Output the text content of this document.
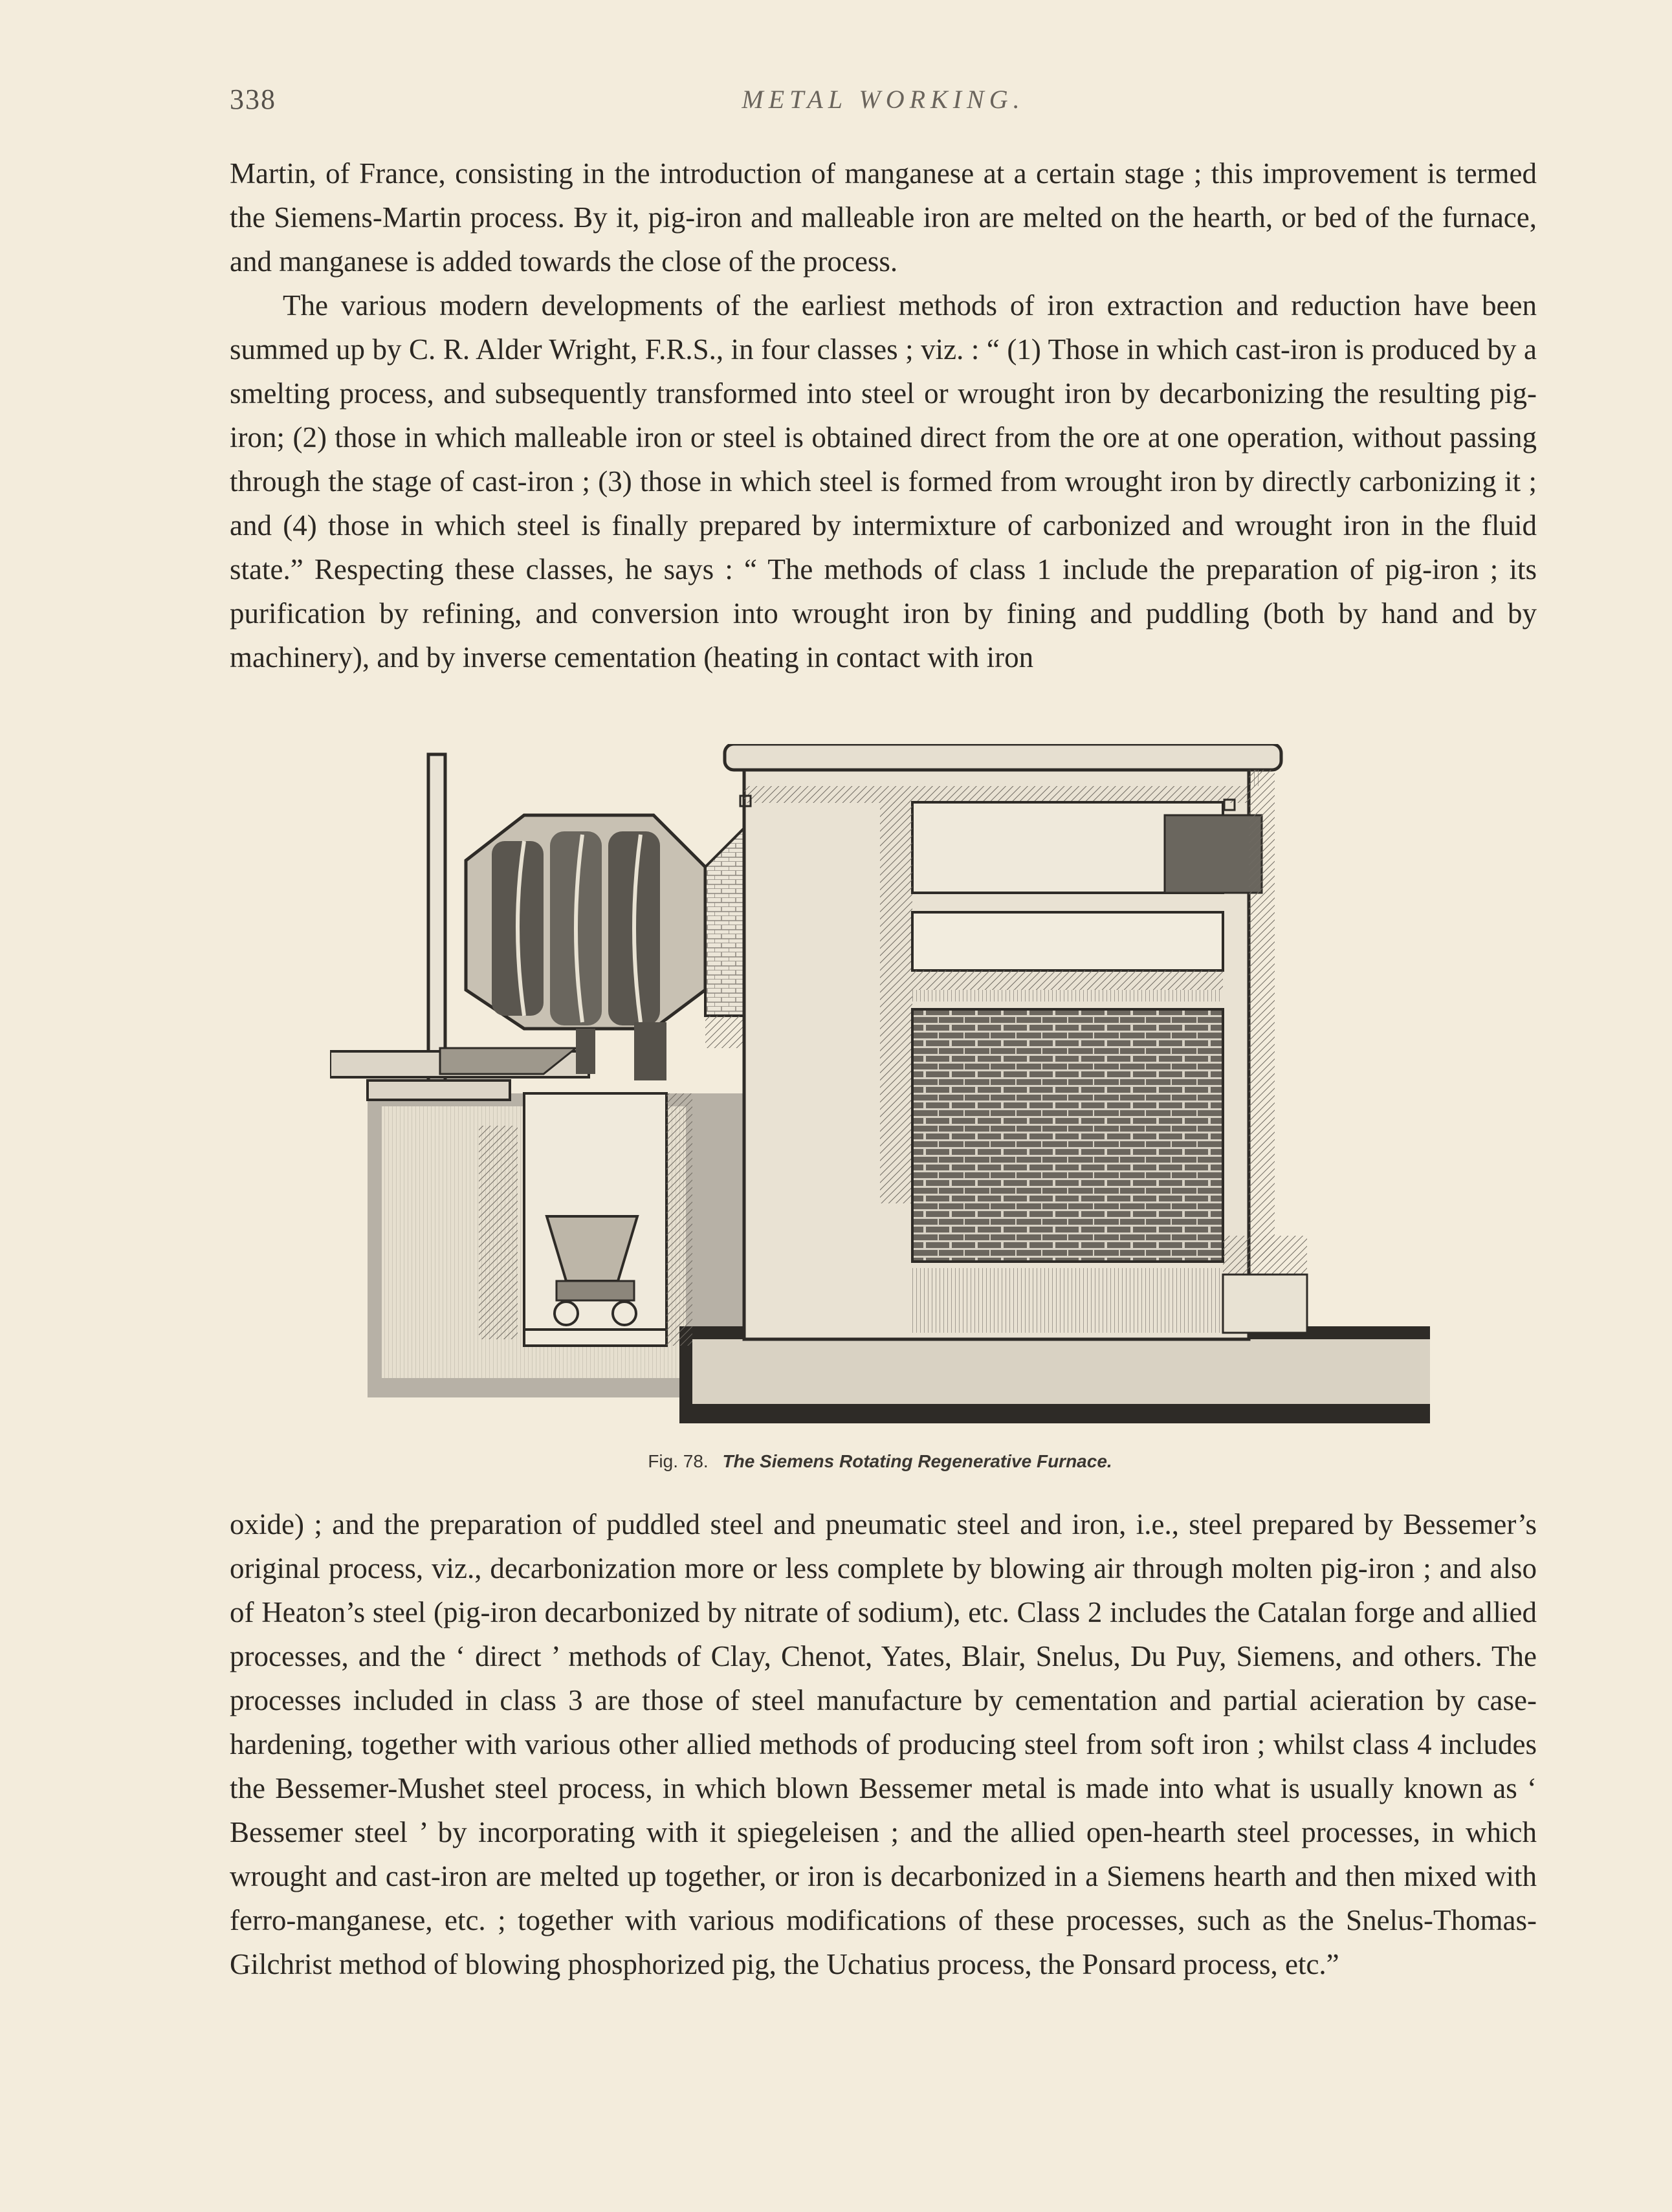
338	METAL WORKING.

Martin, of France, consisting in the introduction of manganese at a certain stage ; this improvement is termed the Siemens-Martin process. By it, pig-iron and malleable iron are melted on the hearth, or bed of the furnace, and manganese is added towards the close of the process.

The various modern developments of the earliest methods of iron extraction and reduction have been summed up by C. R. Alder Wright, F.R.S., in four classes ; viz. : “ (1) Those in which cast-iron is produced by a smelting process, and subsequently transformed into steel or wrought iron by decarbonizing the resulting pig-iron; (2) those in which malleable iron or steel is obtained direct from the ore at one operation, without passing through the stage of cast-iron ; (3) those in which steel is formed from wrought iron by directly carbonizing it ; and (4) those in which steel is finally prepared by intermixture of carbonized and wrought iron in the fluid state.” Respecting these classes, he says : “ The methods of class 1 include the preparation of pig-iron ; its purification by refining, and conversion into wrought iron by fining and puddling (both by hand and by machinery), and by inverse cementation (heating in contact with iron

Fig. 78. The Siemens Rotating Regenerative Furnace.

oxide) ; and the preparation of puddled steel and pneumatic steel and iron, i.e., steel prepared by Bessemer’s original process, viz., decarbonization more or less complete by blowing air through molten pig-iron ; and also of Heaton’s steel (pig-iron decarbonized by nitrate of sodium), etc. Class 2 includes the Catalan forge and allied processes, and the ‘ direct ’ methods of Clay, Chenot, Yates, Blair, Snelus, Du Puy, Siemens, and others. The processes included in class 3 are those of steel manufacture by cementation and partial acieration by case-hardening, together with various other allied methods of producing steel from soft iron ; whilst class 4 includes the Bessemer-Mushet steel process, in which blown Bessemer metal is made into what is usually known as ‘ Bessemer steel ’ by incorporating with it spiegeleisen ; and the allied open-hearth steel processes, in which wrought and cast-iron are melted up together, or iron is decarbonized in a Siemens hearth and then mixed with ferro-manganese, etc. ; together with various modifications of these processes, such as the Snelus-Thomas-Gilchrist method of blowing phosphorized pig, the Uchatius process, the Ponsard process, etc.”
